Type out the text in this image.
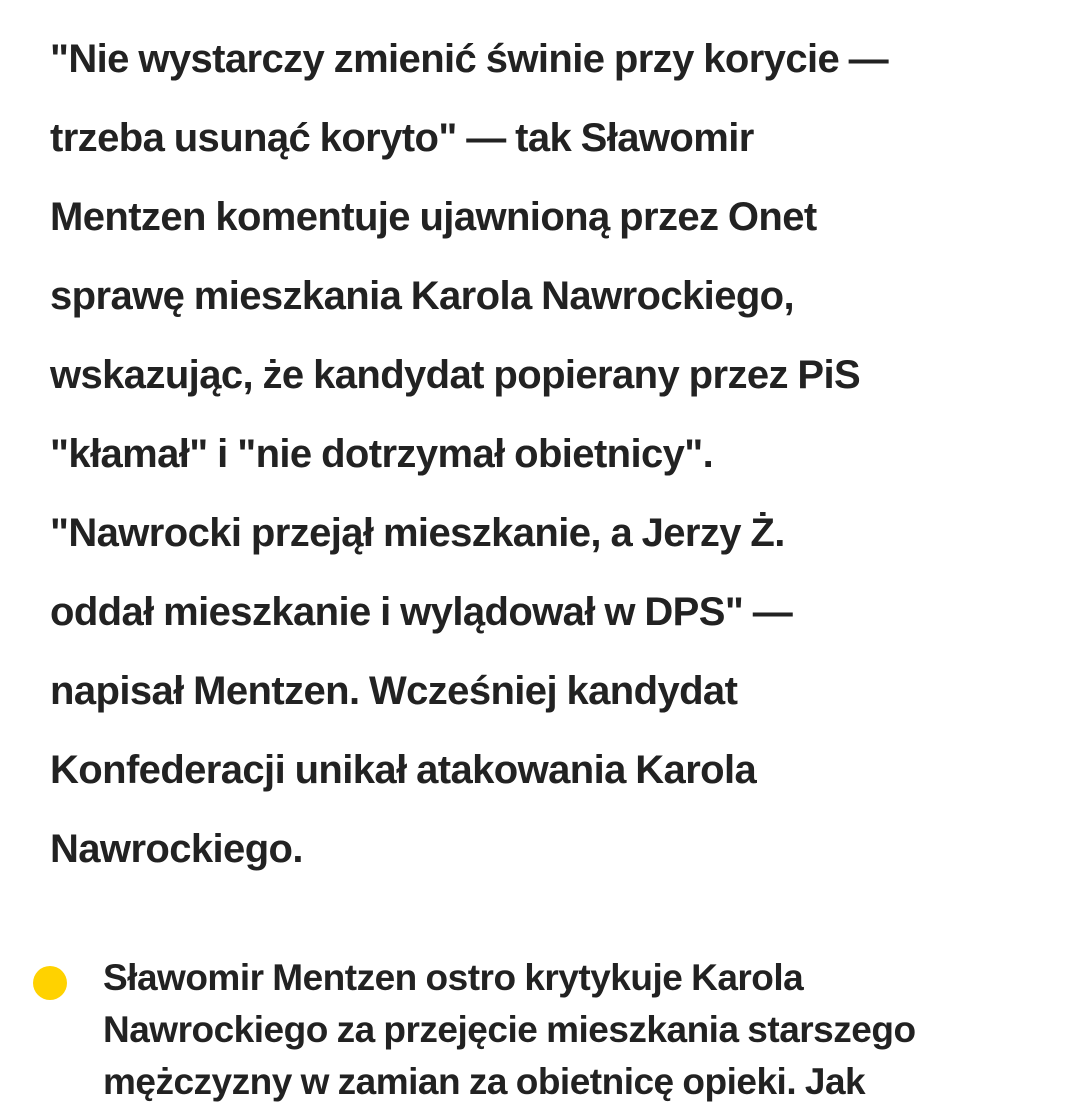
"Nie wystarczy zmienić świnie przy korycie —
trzeba usunąć koryto" — tak Sławomir
Mentzen komentuje ujawnioną przez Onet
sprawę mieszkania Karola Nawrockiego,
wskazując, że kandydat popierany przez PiS
"kłamał" i "nie dotrzymał obietnicy".
"Nawrocki przejął mieszkanie, a Jerzy Ż.
oddał mieszkanie i wylądował w DPS" —
napisał Mentzen. Wcześniej kandydat
Konfederacji unikał atakowania Karola
Nawrockiego.

Sławomir Mentzen ostro krytykuje Karola
Nawrockiego za przejęcie mieszkania starszego
mężczyzny w zamian za obietnicę opieki. Jak
